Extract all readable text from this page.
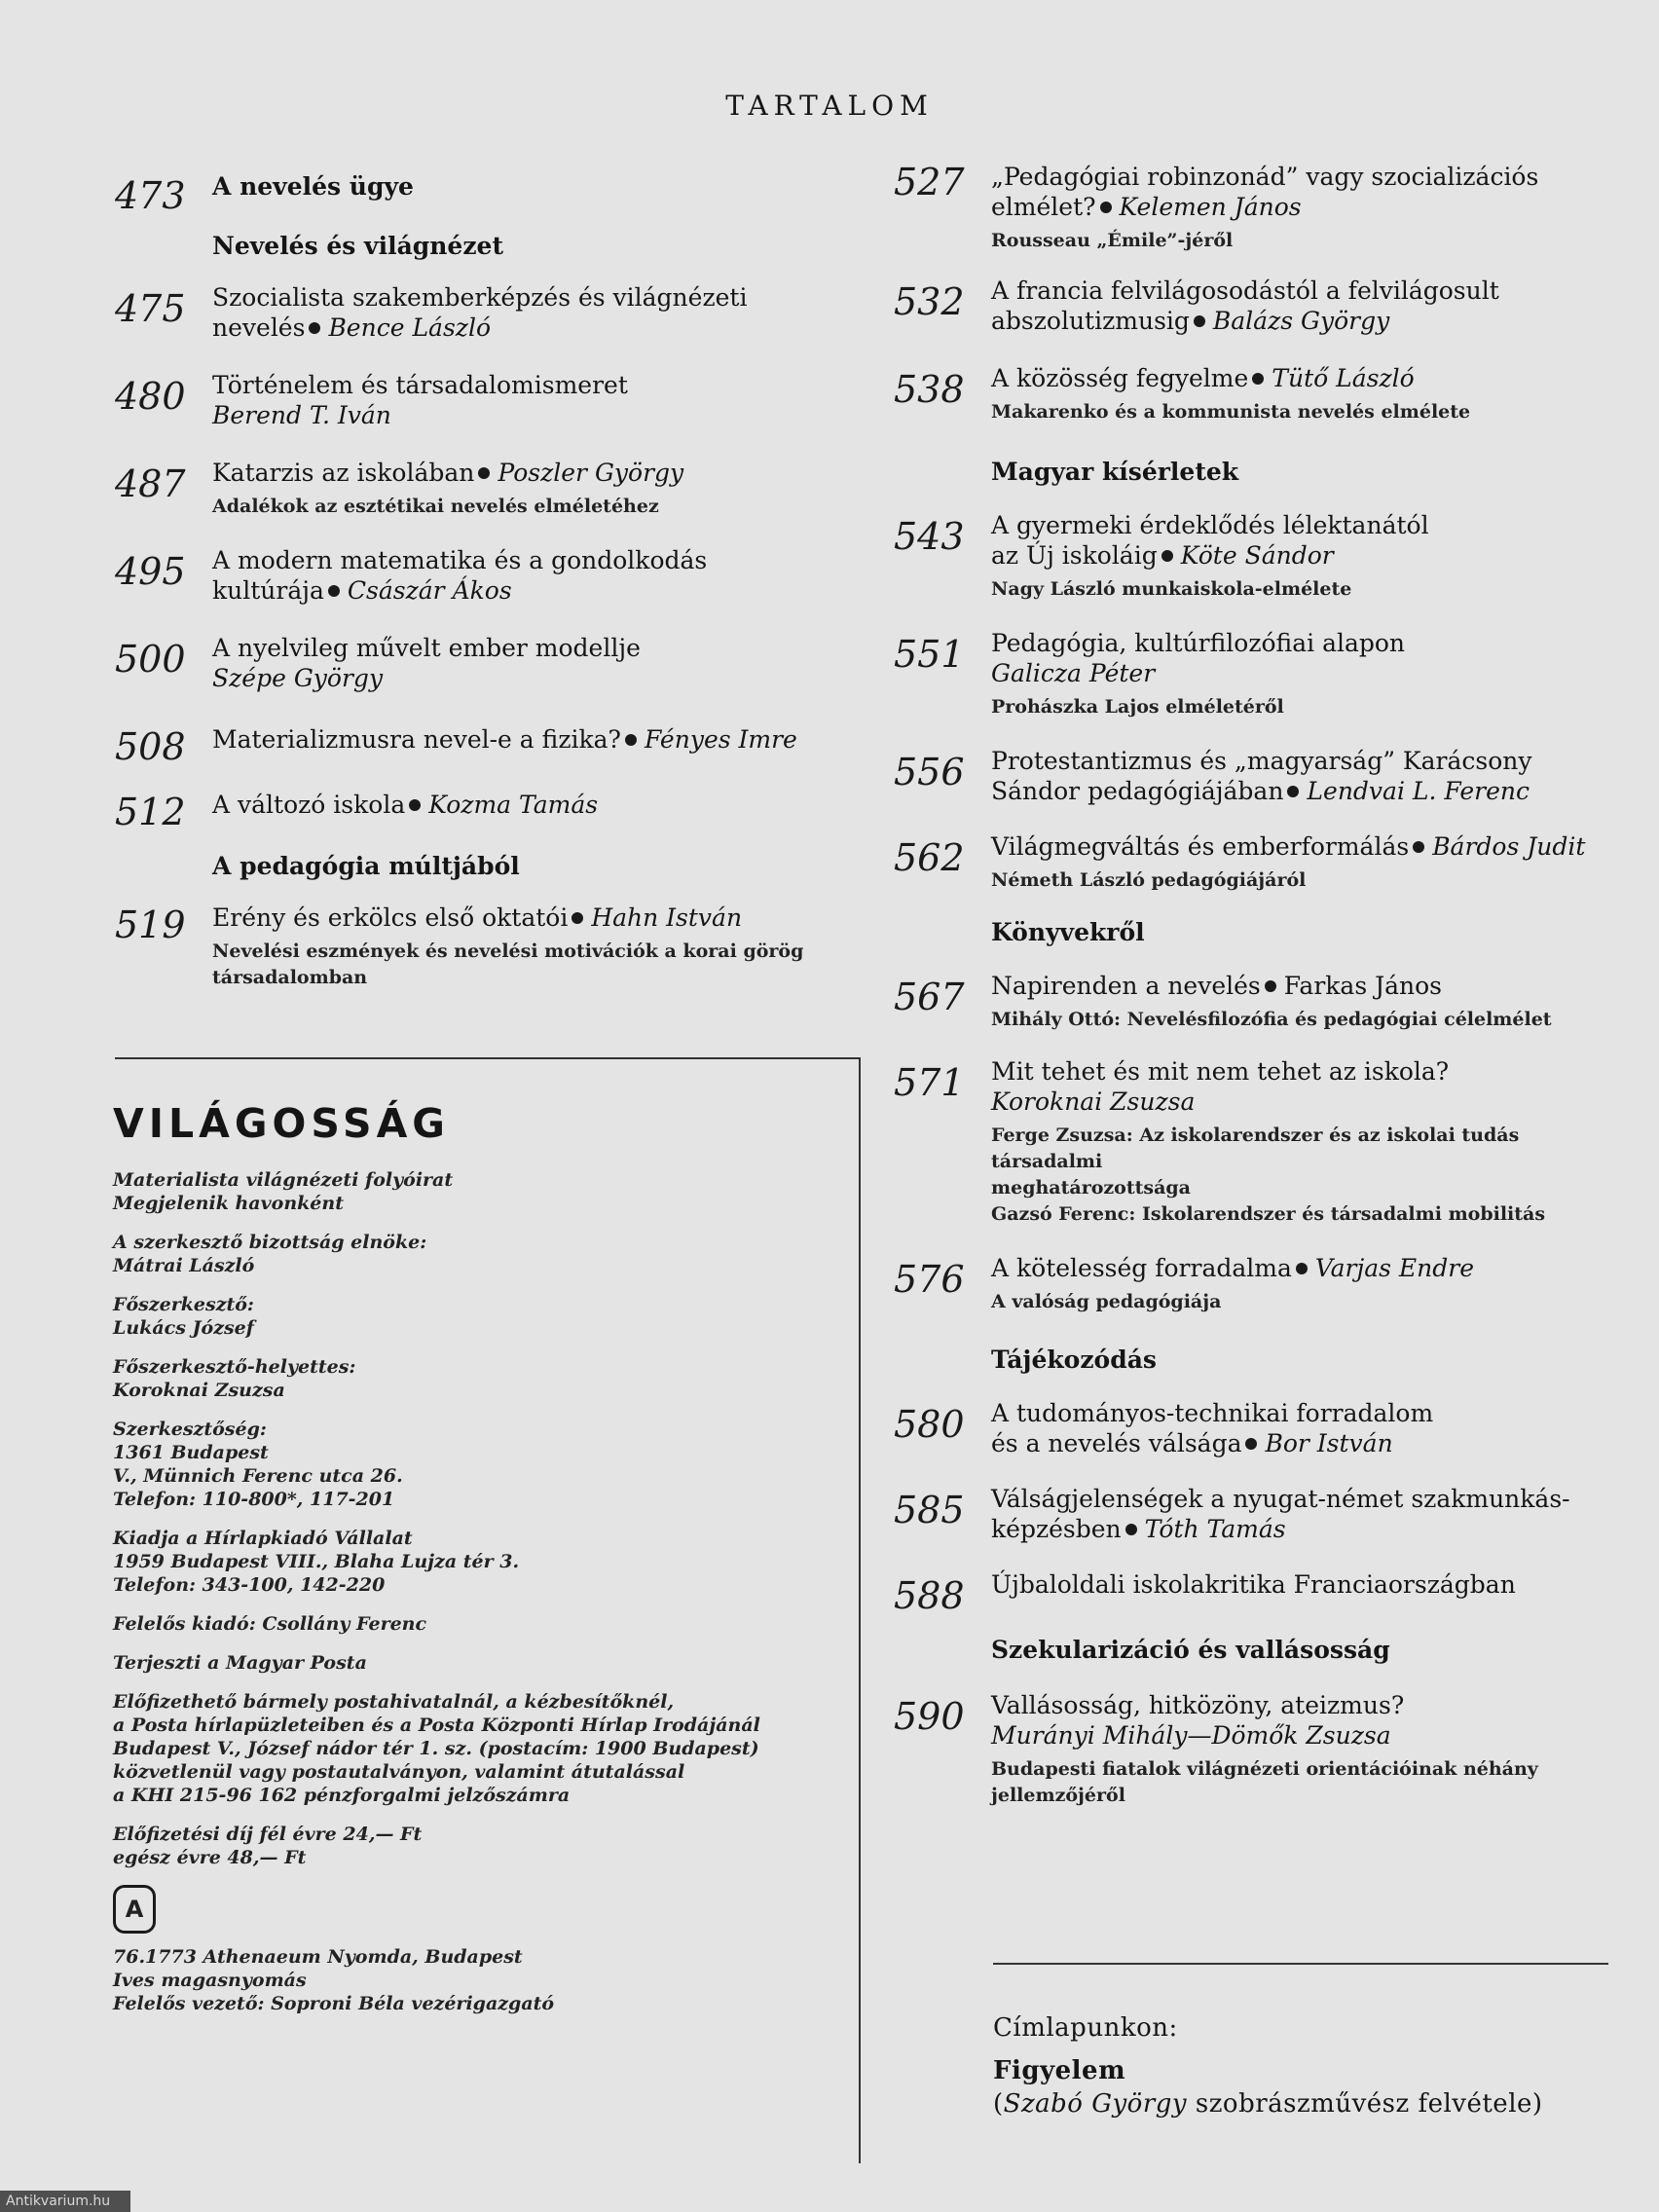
TARTALOM
473 A nevelés ügye
Nevelés és világnézet
475 Szocialista szakemberképzés és világnézeti
nevelés Bence László
480 Történelem és társadalomismeret
Berend T. Iván
487 Katarzis az iskolában Poszler György
Adalékok az esztétikai nevelés elméletéhez
495 A modern matematika és a gondolkodás
kultúrája Császár Ákos
500 A nyelvileg művelt ember modellje
Szépe György
508 Materializmusra nevel-e a fizika? Fényes Imre
512 A változó iskola Kozma Tamás
A pedagógia múltjából
519 Erény és erkölcs első oktatói Hahn István
Nevelési eszmények és nevelési motivációk a korai görög
társadalomban
527 „Pedagógiai robinzonád” vagy szocializációs
elmélet? Kelemen János
Rousseau „Émile”-jéről
532 A francia felvilágosodástól a felvilágosult
abszolutizmusig Balázs György
538 A közösség fegyelme Tütő László
Makarenko és a kommunista nevelés elmélete
Magyar kísérletek
543 A gyermeki érdeklődés lélektanától
az Új iskoláig Köte Sándor
Nagy László munkaiskola-elmélete
551 Pedagógia, kultúrfilozófiai alapon
Galicza Péter
Prohászka Lajos elméletéről
556 Protestantizmus és „magyarság” Karácsony
Sándor pedagógiájában Lendvai L. Ferenc
562 Világmegváltás és emberformálás Bárdos Judit
Németh László pedagógiájáról
Könyvekről
567 Napirenden a nevelés Farkas János
Mihály Ottó: Nevelésfilozófia és pedagógiai célelmélet
571 Mit tehet és mit nem tehet az iskola?
Koroknai Zsuzsa
Ferge Zsuzsa: Az iskolarendszer és az iskolai tudás társadalmi
meghatározottsága
Gazsó Ferenc: Iskolarendszer és társadalmi mobilitás
576 A kötelesség forradalma Varjas Endre
A valóság pedagógiája
Tájékozódás
580 A tudományos-technikai forradalom
és a nevelés válsága Bor István
585 Válságjelenségek a nyugat-német szakmunkás-
képzésben Tóth Tamás
588 Újbaloldali iskolakritika Franciaországban
Szekularizáció és vallásosság
590 Vallásosság, hitközöny, ateizmus?
Murányi Mihály—Dömők Zsuzsa
Budapesti fiatalok világnézeti orientációinak néhány
jellemzőjéről
VILÁGOSSÁG
Materialista világnézeti folyóirat
Megjelenik havonként
A szerkesztő bizottság elnöke:
Mátrai László
Főszerkesztő:
Lukács József
Főszerkesztő-helyettes:
Koroknai Zsuzsa
Szerkesztőség:
1361 Budapest
V., Münnich Ferenc utca 26.
Telefon: 110-800*, 117-201
Kiadja a Hírlapkiadó Vállalat
1959 Budapest VIII., Blaha Lujza tér 3.
Telefon: 343-100, 142-220
Felelős kiadó: Csollány Ferenc
Terjeszti a Magyar Posta
Előfizethető bármely postahivatalnál, a kézbesítőknél,
a Posta hírlapüzleteiben és a Posta Központi Hírlap Irodájánál
Budapest V., József nádor tér 1. sz. (postacím: 1900 Budapest)
közvetlenül vagy postautalványon, valamint átutalással
a KHI 215-96 162 pénzforgalmi jelzőszámra
Előfizetési díj fél évre 24,— Ft
egész évre 48,— Ft
A
76.1773 Athenaeum Nyomda, Budapest
Ives magasnyomás
Felelős vezető: Soproni Béla vezérigazgató
Címlapunkon:
Figyelem
(Szabó György szobrászművész felvétele)
Antikvarium.hu
